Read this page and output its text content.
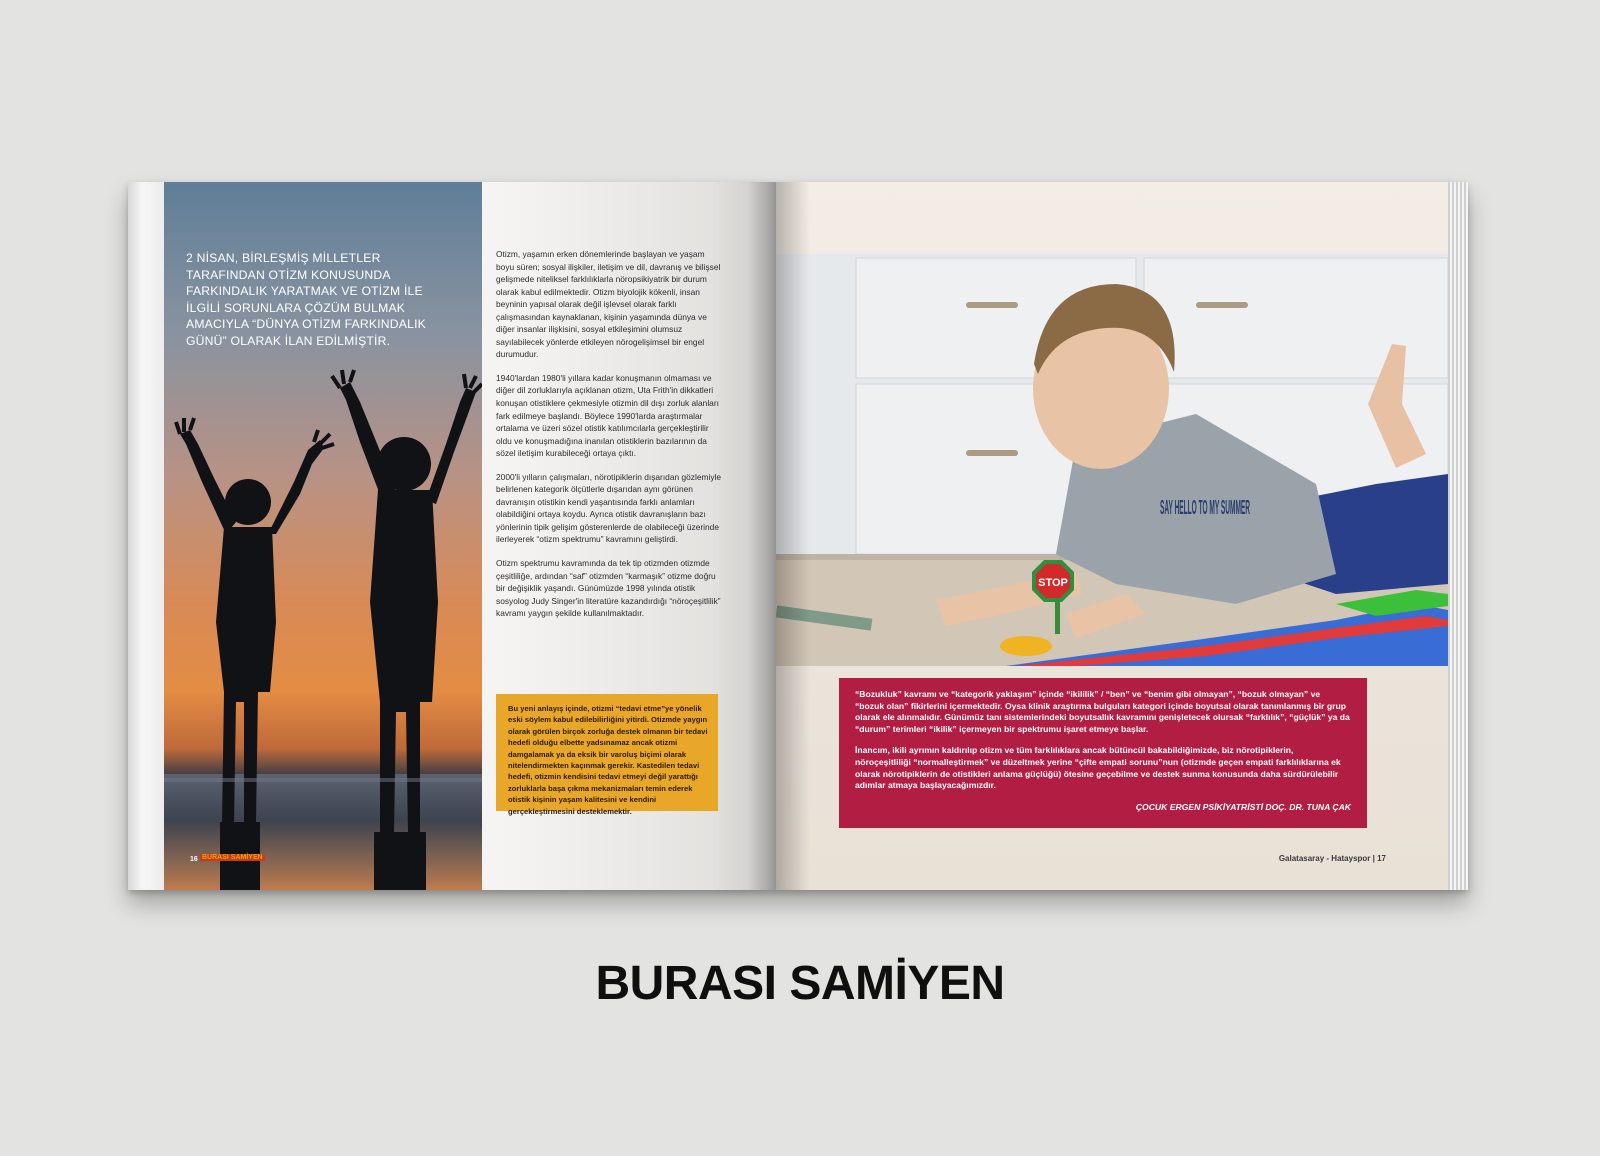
2 NİSAN, BİRLEŞMİŞ MİLLETLER TARAFINDAN OTİZM KONUSUNDA FARKINDALIK YARATMAK VE OTİZM İLE İLGİLİ SORUNLARA ÇÖZÜM BULMAK AMACIYLA “DÜNYA OTİZM FARKINDALIK GÜNÜ” OLARAK İLAN EDİLMİŞTİR.
16 BURASI SAMİYEN

Otizm, yaşamın erken dönemlerinde başlayan ve yaşam boyu süren; sosyal ilişkiler, iletişim ve dil, davranış ve bilişsel gelişmede niteliksel farklılıklarla nöropsikiyatrik bir durum olarak kabul edilmektedir. Otizm biyolojik kökenli, insan beyninin yapısal olarak değil işlevsel olarak farklı çalışmasından kaynaklanan, kişinin yaşamında dünya ve diğer insanlar ilişkisini, sosyal etkileşimini olumsuz sayılabilecek yönlerde etkileyen nörogelişimsel bir engel durumudur.

1940'lardan 1980'li yıllara kadar konuşmanın olmaması ve diğer dil zorluklarıyla açıklanan otizm, Uta Frith'in dikkatleri konuşan otistiklere çekmesiyle otizmin dil dışı zorluk alanları fark edilmeye başlandı. Böylece 1990'larda araştırmalar ortalama ve üzeri sözel otistik katılımcılarla gerçekleştirilir oldu ve konuşmadığına inanılan otistiklerin bazılarının da sözel iletişim kurabileceği ortaya çıktı.

2000'li yılların çalışmaları, nörotipiklerin dışarıdan gözlemiyle belirlenen kategorik ölçütlerle dışarıdan aynı görünen davranışın otistikin kendi yaşantısında farklı anlamları olabildiğini ortaya koydu. Ayrıca otistik davranışların bazı yönlerinin tipik gelişim gösterenlerde de olabileceği üzerinde ilerleyerek “otizm spektrumu” kavramını geliştirdi.

Otizm spektrumu kavramında da tek tip otizmden otizmde çeşitliliğe, ardından “saf” otizmden “karmaşık” otizme doğru bir değişiklik yaşandı. Günümüzde 1998 yılında otistik sosyolog Judy Singer'in literatüre kazandırdığı “nöroçeşitlilik” kavramı yaygın şekilde kullanılmaktadır.

Bu yeni anlayış içinde, otizmi “tedavi etme”ye yönelik eski söylem kabul edilebilirliğini yitirdi. Otizmde yaygın olarak görülen birçok zorluğa destek olmanın bir tedavi hedefi olduğu elbette yadsınamaz ancak otizmi damgalamak ya da eksik bir varoluş biçimi olarak nitelendirmekten kaçınmak gerekir. Kastedilen tedavi hedefi, otizmin kendisini tedavi etmeyi değil yarattığı zorluklarla başa çıkma mekanizmaları temin ederek otistik kişinin yaşam kalitesini ve kendini gerçekleştirmesini desteklemektir.
SAY HELLO TO MY SUMMER
STOP

“Bozukluk” kavramı ve “kategorik yaklaşım” içinde “ikililik” / “ben” ve “benim gibi olmayan”, “bozuk olmayan” ve “bozuk olan” fikirlerini içermektedir. Oysa klinik araştırma bulguları kategori içinde boyutsal olarak tanımlanmış bir grup olarak ele alınmalıdır. Günümüz tanı sistemlerindeki boyutsallık kavramını genişletecek olursak “farklılık”, “güçlük” ya da “durum” terimleri “ikilik” içermeyen bir spektrumu işaret etmeye başlar.

İnancım, ikili ayrımın kaldırılıp otizm ve tüm farklılıklara ancak bütüncül bakabildiğimizde, biz nörotipiklerin, nöroçeşitliliği “normalleştirmek” ve düzeltmek yerine “çifte empati sorunu”nun (otizmde geçen empati farklılıklarına ek olarak nörotipiklerin de otistikleri anlama güçlüğü) ötesine geçebilme ve destek sunma konusunda daha sürdürülebilir adımlar atmaya başlayacağımızdır.

ÇOCUK ERGEN PSİKİYATRİSTİ DOÇ. DR. TUNA ÇAK

Galatasaray - Hatayspor | 17
BURASI SAMİYEN
